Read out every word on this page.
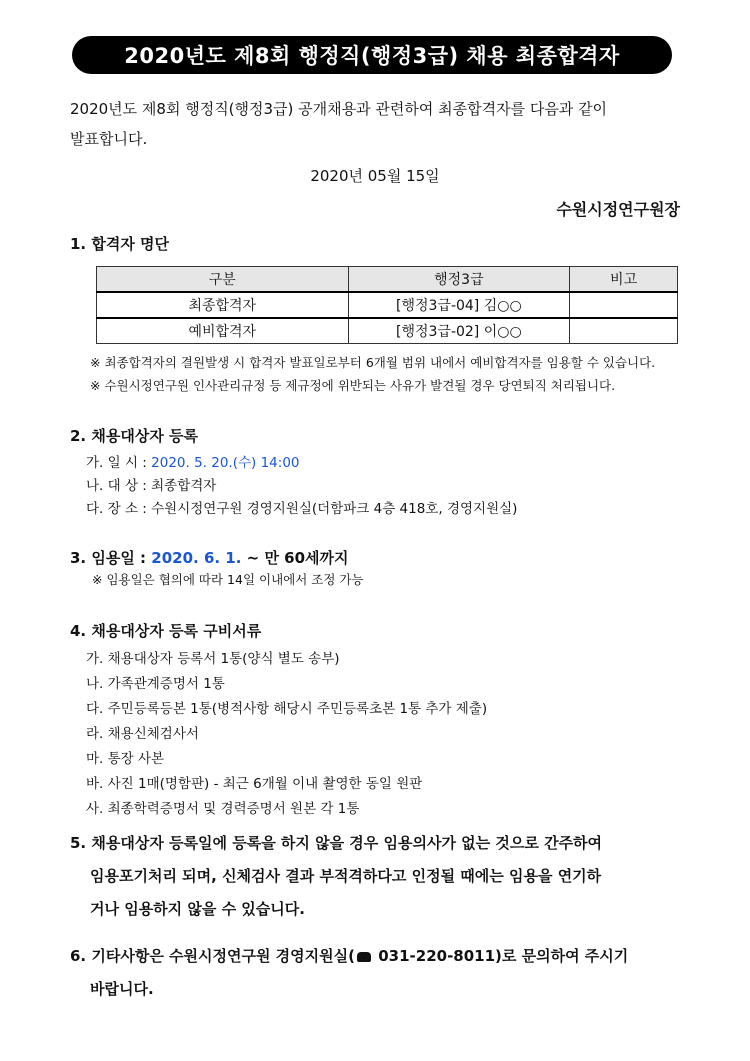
2020년도 제8회 행정직(행정3급) 채용 최종합격자
2020년도 제8회 행정직(행정3급) 공개채용과 관련하여 최종합격자를 다음과 같이
발표합니다.
2020년 05월 15일
수원시정연구원장
1. 합격자 명단
구분	행정3급	비고
최종합격자	[행정3급-04] 김○○	
예비합격자	[행정3급-02] 이○○	
※ 최종합격자의 결원발생 시 합격자 발표일로부터 6개월 범위 내에서 예비합격자를 임용할 수 있습니다.
※ 수원시정연구원 인사관리규정 등 제규정에 위반되는 사유가 발견될 경우 당연퇴직 처리됩니다.
2. 채용대상자 등록
가. 일 시 : 2020. 5. 20.(수) 14:00
나. 대 상 : 최종합격자
다. 장 소 : 수원시정연구원 경영지원실(더함파크 4층 418호, 경영지원실)
3. 임용일 : 2020. 6. 1. ~ 만 60세까지
※ 임용일은 협의에 따라 14일 이내에서 조정 가능
4. 채용대상자 등록 구비서류
가. 채용대상자 등록서 1통(양식 별도 송부)
나. 가족관계증명서 1통
다. 주민등록등본 1통(병적사항 해당시 주민등록초본 1통 추가 제출)
라. 채용신체검사서
마. 통장 사본
바. 사진 1매(명함판) - 최근 6개월 이내 촬영한 동일 원판
사. 최종학력증명서 및 경력증명서 원본 각 1통
5. 채용대상자 등록일에 등록을 하지 않을 경우 임용의사가 없는 것으로 간주하여
임용포기처리 되며, 신체검사 결과 부적격하다고 인정될 때에는 임용을 연기하
거나 임용하지 않을 수 있습니다.
6. 기타사항은 수원시정연구원 경영지원실( 031-220-8011)로 문의하여 주시기
바랍니다.
